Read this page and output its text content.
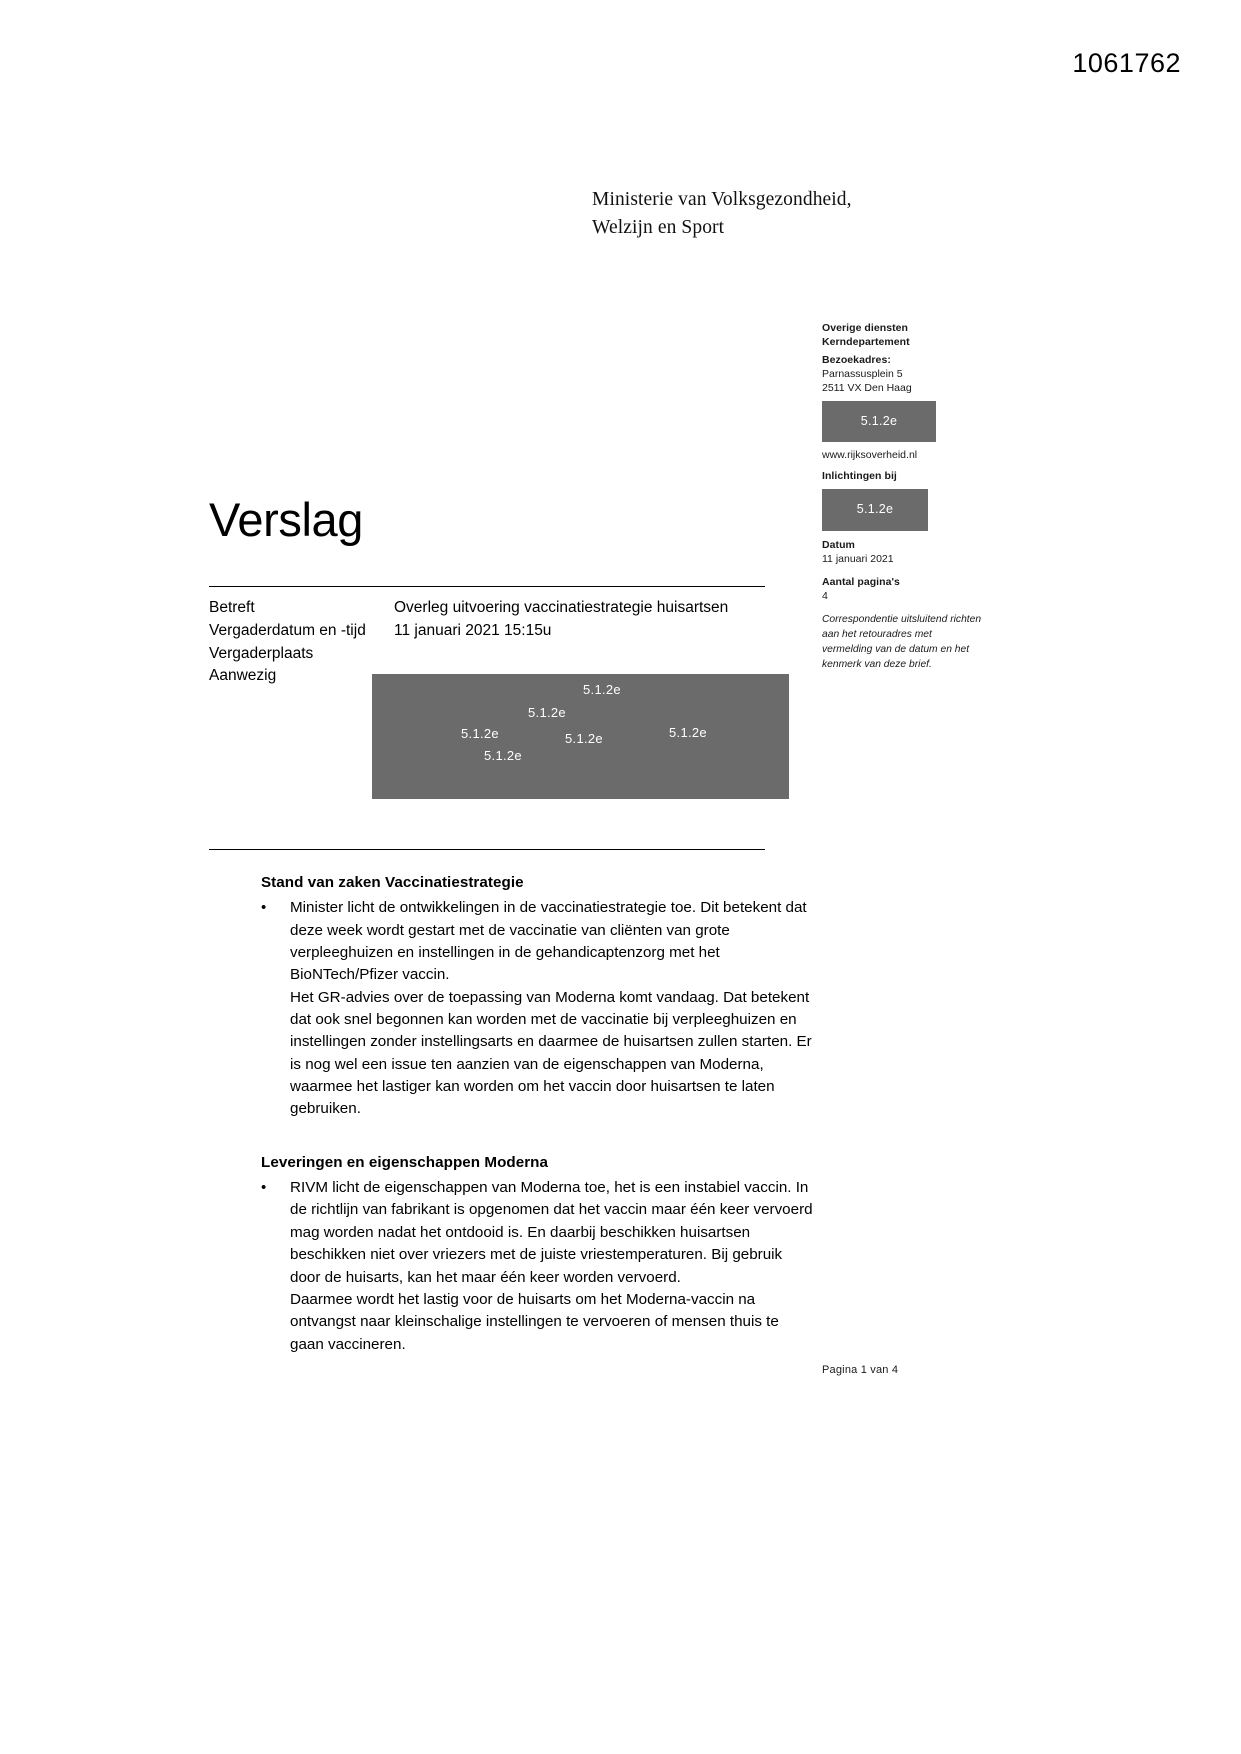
1061762
Ministerie van Volksgezondheid,
Welzijn en Sport
Overige diensten
Kerndepartement
Bezoekadres:
Parnassusplein 5
2511 VX Den Haag
5.1.2e
www.rijksoverheid.nl
Inlichtingen bij
5.1.2e
Datum
11 januari 2021
Aantal pagina's
4
Correspondentie uitsluitend richten aan het retouradres met vermelding van de datum en het kenmerk van deze brief.
Verslag
Betreft	Overleg uitvoering vaccinatiestrategie huisartsen
Vergaderdatum en -tijd	11 januari 2021 15:15u
Vergaderplaats
Aanwezig
5.1.2e
5.1.2e
5.1.2e	5.1.2e	5.1.2e
5.1.2e
Stand van zaken Vaccinatiestrategie
•	Minister licht de ontwikkelingen in de vaccinatiestrategie toe. Dit betekent dat deze week wordt gestart met de vaccinatie van cliënten van grote verpleeghuizen en instellingen in de gehandicaptenzorg met het BioNTech/Pfizer vaccin.

Het GR-advies over de toepassing van Moderna komt vandaag. Dat betekent dat ook snel begonnen kan worden met de vaccinatie bij verpleeghuizen en instellingen zonder instellingsarts en daarmee de huisartsen zullen starten. Er is nog wel een issue ten aanzien van de eigenschappen van Moderna, waarmee het lastiger kan worden om het vaccin door huisartsen te laten gebruiken.

Leveringen en eigenschappen Moderna
•	RIVM licht de eigenschappen van Moderna toe, het is een instabiel vaccin. In de richtlijn van fabrikant is opgenomen dat het vaccin maar één keer vervoerd mag worden nadat het ontdooid is. En daarbij beschikken huisartsen beschikken niet over vriezers met de juiste vriestemperaturen. Bij gebruik door de huisarts, kan het maar één keer worden vervoerd.

Daarmee wordt het lastig voor de huisarts om het Moderna-vaccin na ontvangst naar kleinschalige instellingen te vervoeren of mensen thuis te gaan vaccineren.

Pagina 1 van 4
